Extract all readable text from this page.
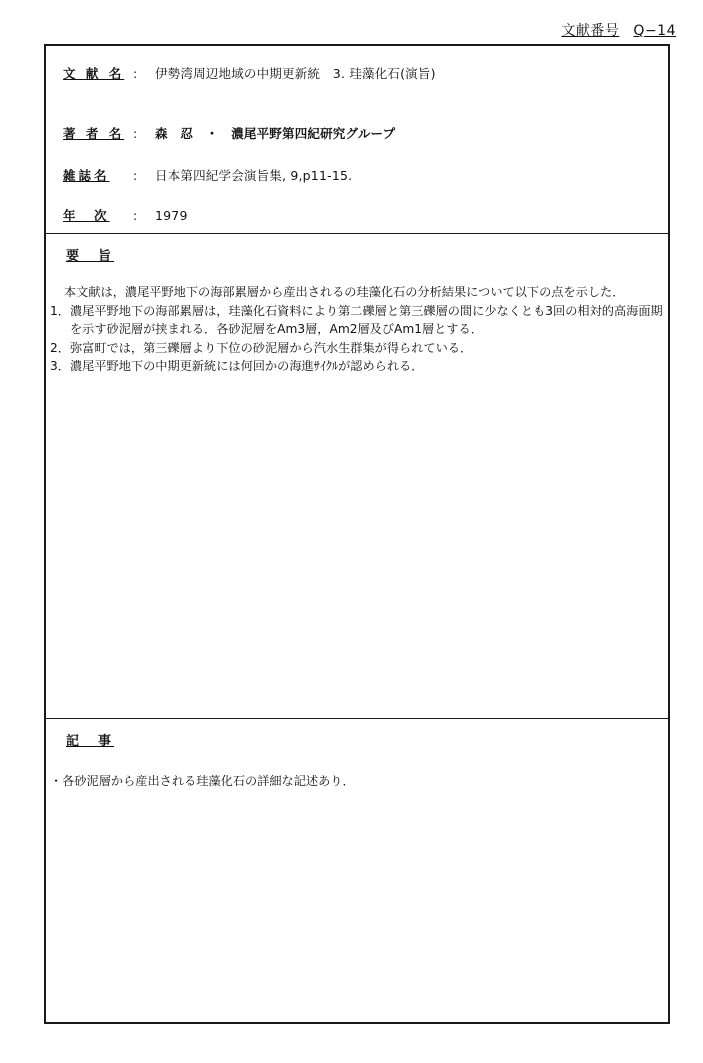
文献番号 Q−14
文 献 名 :	伊勢湾周辺地域の中期更新統　3. 珪藻化石(演旨)
著 者 名 :	森　忍　・　濃尾平野第四紀研究グループ
雑誌名	:	日本第四紀学会演旨集, 9,p11-15.
年　次	:	1979
要　旨

本文献は，濃尾平野地下の海部累層から産出されるの珪藻化石の分析結果について以下の点を示した．

1． 濃尾平野地下の海部累層は，珪藻化石資料により第二礫層と第三礫層の間に少なくとも3回の相対的高海面期を示す砂泥層が挟まれる．各砂泥層をAm3層，Am2層及びAm1層とする．
2． 弥富町では，第三礫層より下位の砂泥層から汽水生群集が得られている．
3． 濃尾平野地下の中期更新統には何回かの海進ｻｲｸﾙが認められる．
記　事

・各砂泥層から産出される珪藻化石の詳細な記述あり．
